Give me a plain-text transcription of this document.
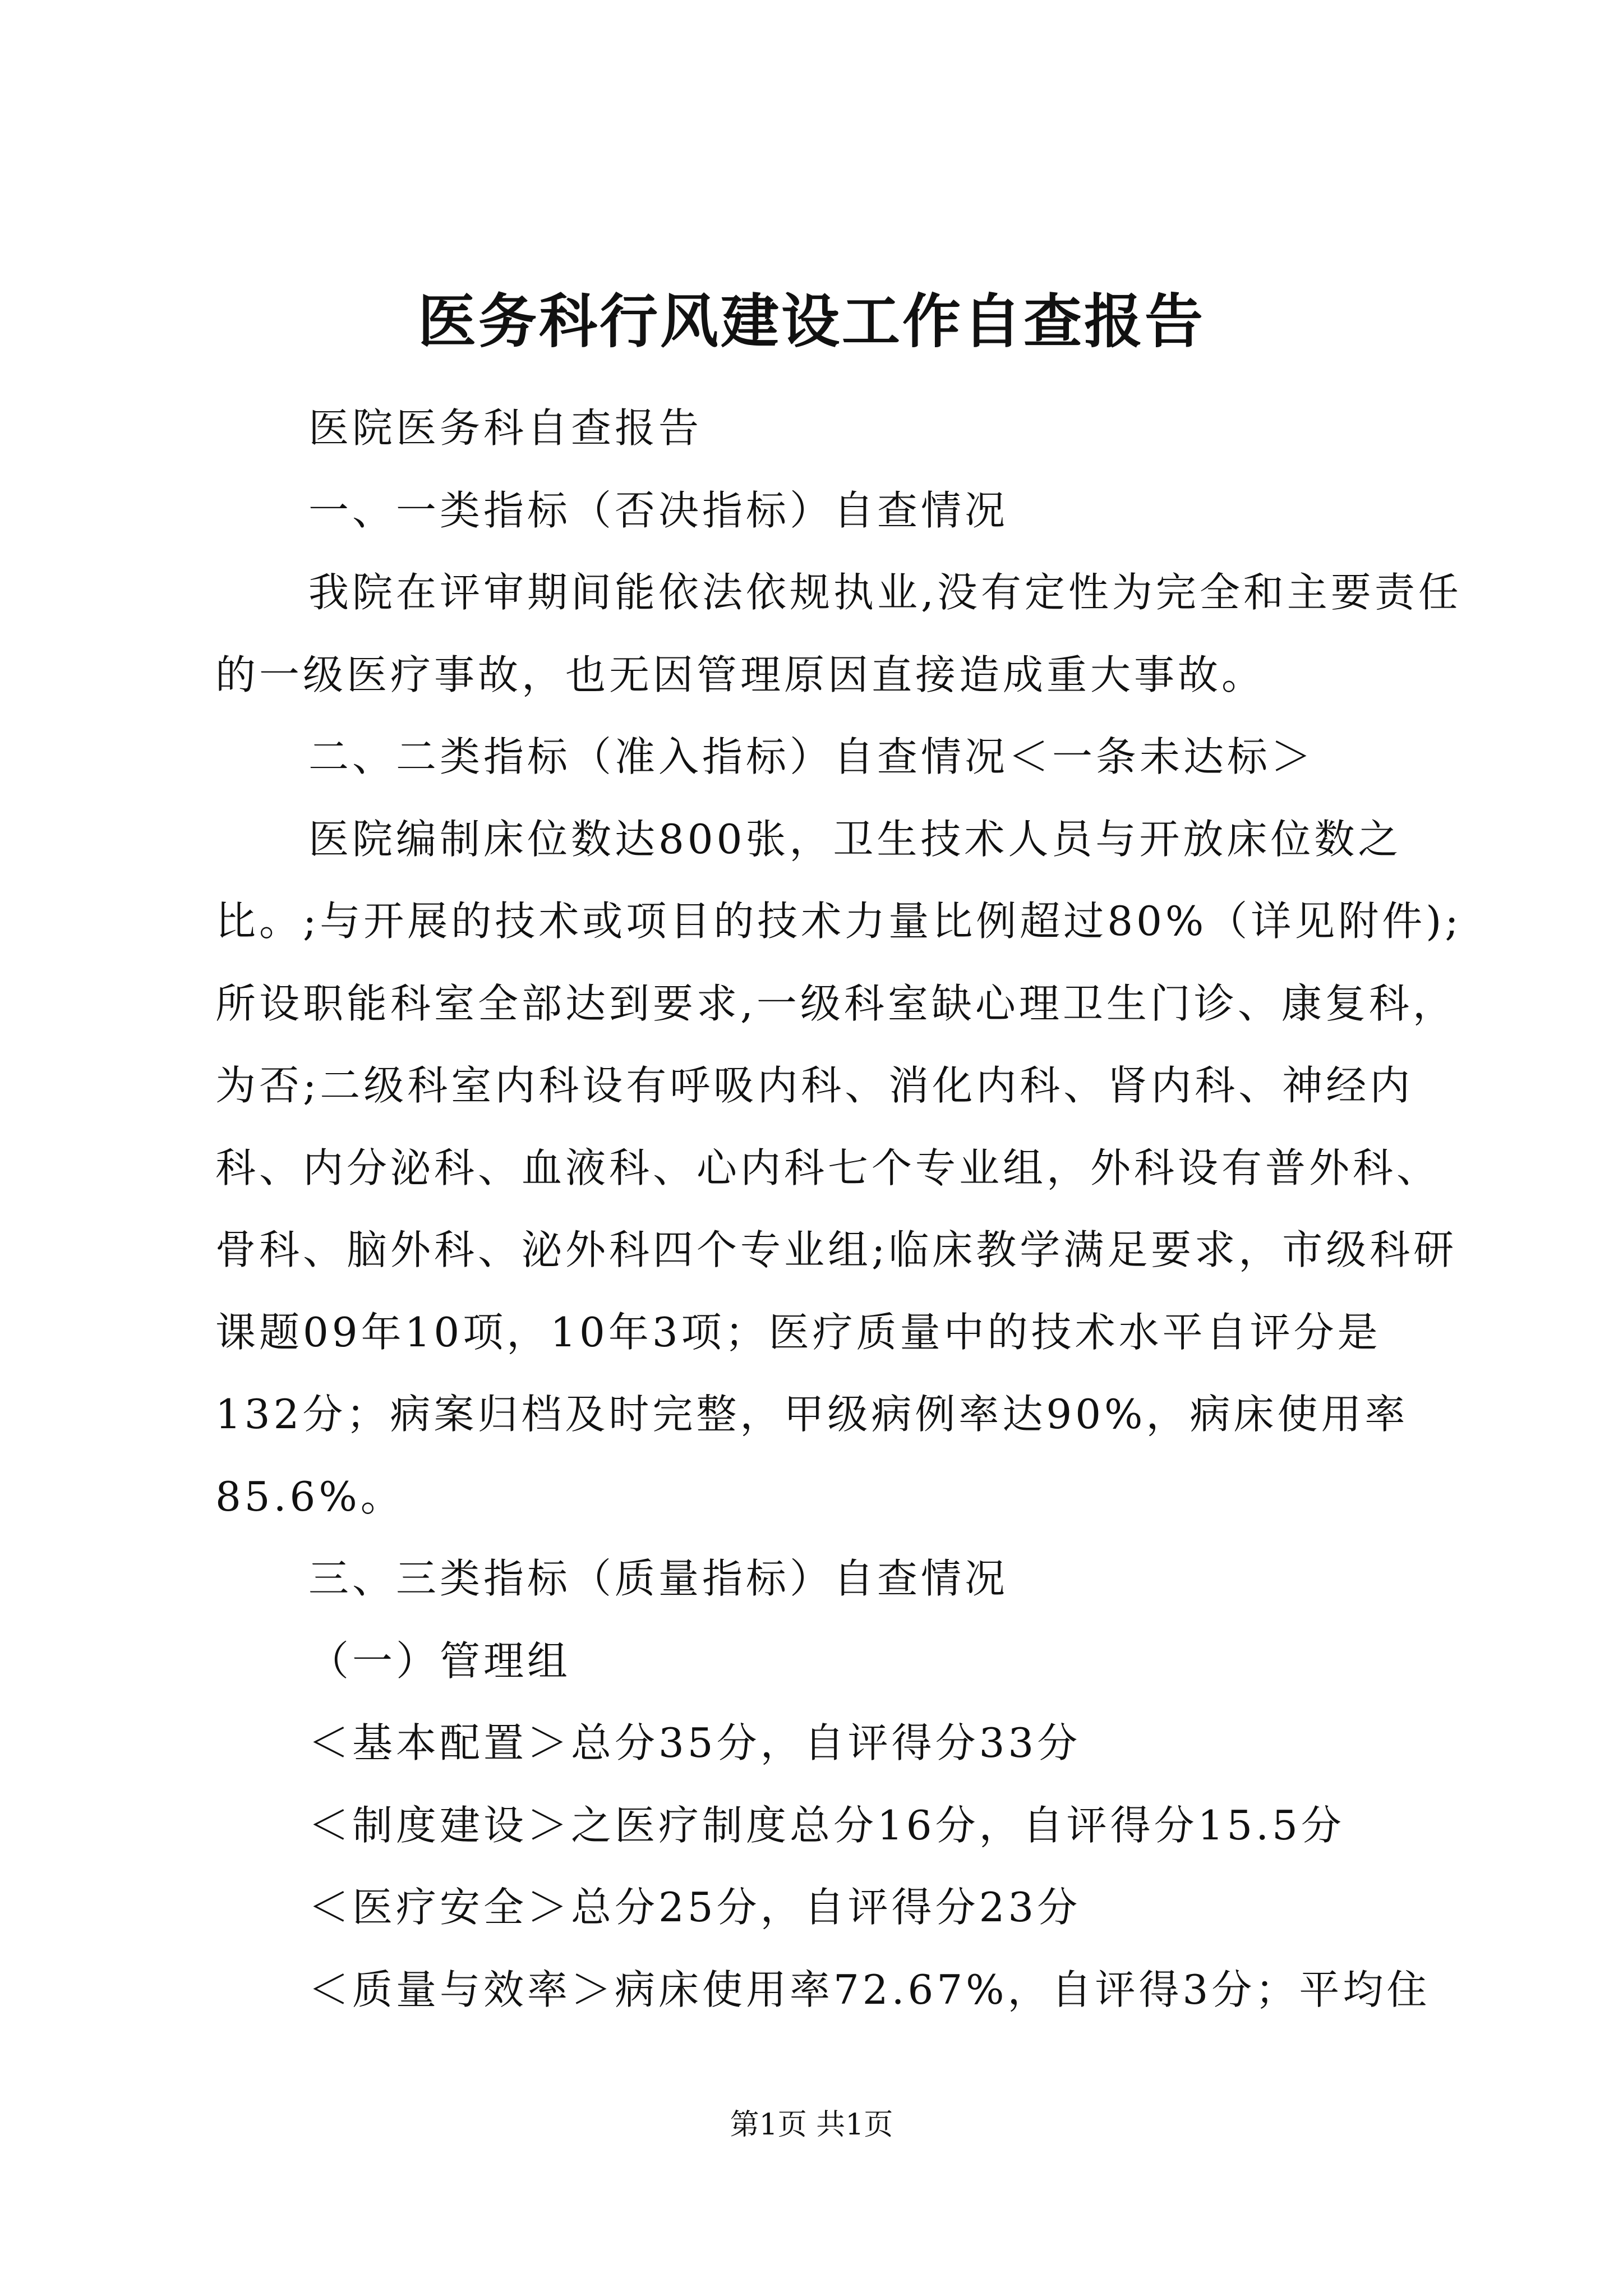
医务科行风建设工作自查报告

医院医务科自查报告

一、一类指标（否决指标）自查情况

我院在评审期间能依法依规执业,没有定性为完全和主要责任的一级医疗事故，也无因管理原因直接造成重大事故。

二、二类指标（准入指标）自查情况＜一条未达标＞

医院编制床位数达800张，卫生技术人员与开放床位数之比。;与开展的技术或项目的技术力量比例超过80%（详见附件);所设职能科室全部达到要求,一级科室缺心理卫生门诊、康复科，为否;二级科室内科设有呼吸内科、消化内科、肾内科、神经内科、内分泌科、血液科、心内科七个专业组，外科设有普外科、骨科、脑外科、泌外科四个专业组;临床教学满足要求，市级科研课题09年10项，10年3项；医疗质量中的技术水平自评分是132分；病案归档及时完整，甲级病例率达90%，病床使用率85.6%。

三、三类指标（质量指标）自查情况

（一）管理组

＜基本配置＞总分35分，自评得分33分

＜制度建设＞之医疗制度总分16分，自评得分15.5分

＜医疗安全＞总分25分，自评得分23分

＜质量与效率＞病床使用率72.67%，自评得3分；平均住

第1页 共1页
